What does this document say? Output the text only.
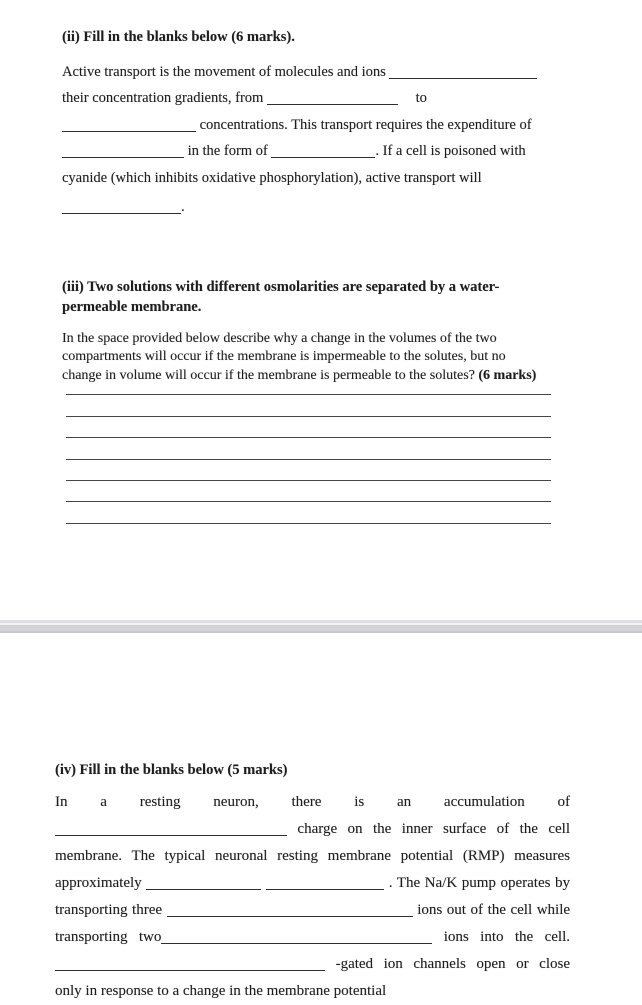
(ii) Fill in the blanks below (6 marks).
Active transport is the movement of molecules and ions
their concentration gradients, from	to
concentrations. This transport requires the expenditure of
in the form of	. If a cell is poisoned with
cyanide (which inhibits oxidative phosphorylation), active transport will
.
(iii) Two solutions with different osmolarities are separated by a water-
permeable membrane.
In the space provided below describe why a change in the volumes of the two
compartments will occur if the membrane is impermeable to the solutes, but no
change in volume will occur if the membrane is permeable to the solutes? (6 marks)
(iv) Fill in the blanks below (5 marks)
In a resting neuron, there is an accumulation of
charge on the inner surface of the cell
membrane. The typical neuronal resting membrane potential (RMP) measures
approximately	. The Na/K pump operates by
transporting three	ions out of the cell while
transporting two	ions into the cell.
-gated ion channels open or close
only in response to a change in the membrane potential
